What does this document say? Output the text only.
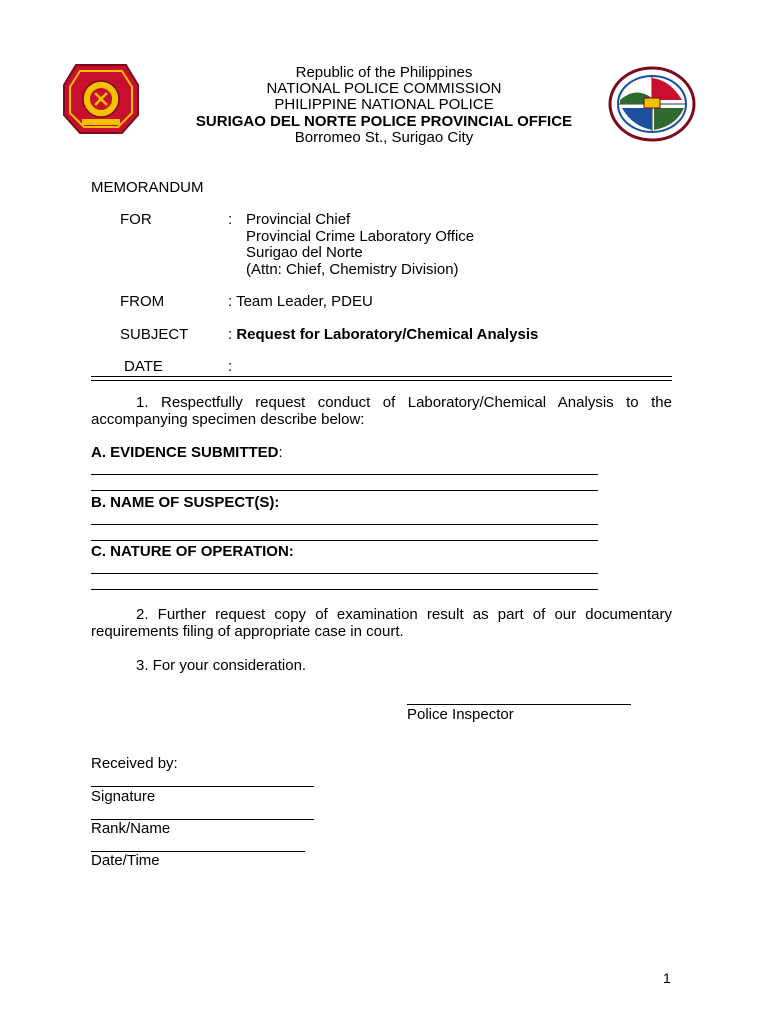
Republic of the Philippines
NATIONAL POLICE COMMISSION
PHILIPPINE NATIONAL POLICE
SURIGAO DEL NORTE POLICE PROVINCIAL OFFICE
Borromeo St., Surigao City
MEMORANDUM
FOR	: Provincial Chief
Provincial Crime Laboratory Office
Surigao del Norte
(Attn: Chief, Chemistry Division)
FROM	: Team Leader, PDEU
SUBJECT	: Request for Laboratory/Chemical Analysis
DATE	:
1. Respectfully request conduct of Laboratory/Chemical Analysis to the accompanying specimen describe below:
A. EVIDENCE SUBMITTED:
B. NAME OF SUSPECT(S):
C. NATURE OF OPERATION:
2. Further request copy of examination result as part of our documentary requirements filing of appropriate case in court.
3. For your consideration.
Police Inspector
Received by:
Signature
Rank/Name
Date/Time
1
